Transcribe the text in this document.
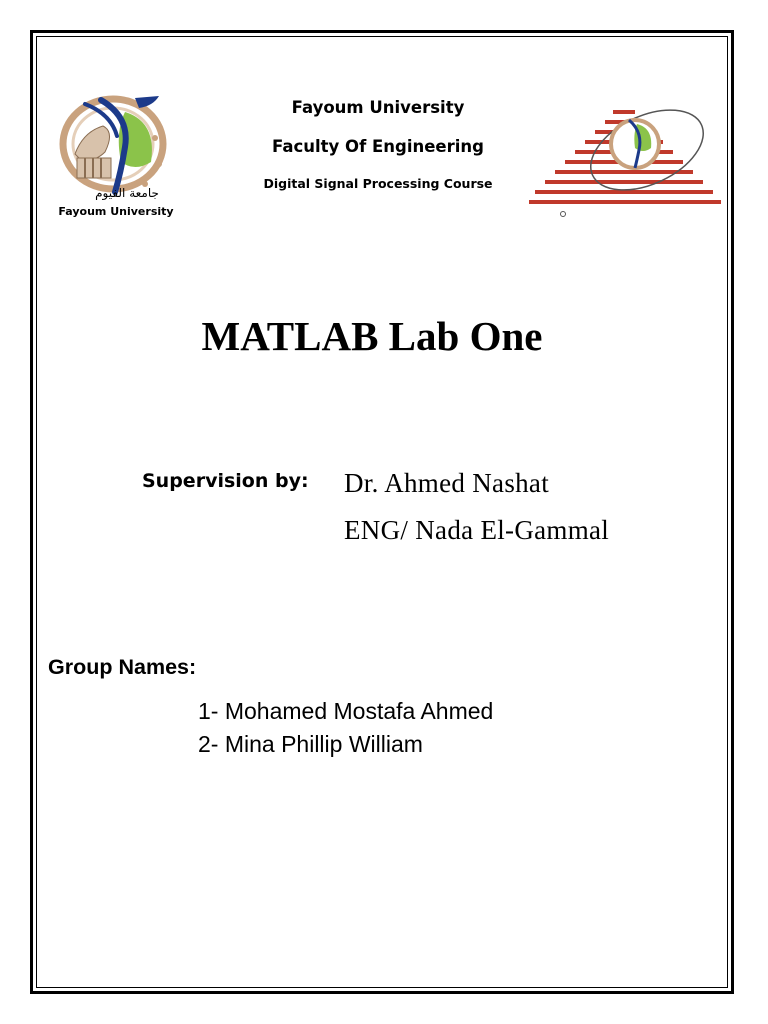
جامعة الفيوم
Fayoum University
Fayoum University
Faculty Of Engineering
Digital Signal Processing Course
MATLAB Lab One
Supervision by: Dr. Ahmed Nashat
ENG/ Nada El-Gammal
Group Names:
1- Mohamed Mostafa Ahmed
2- Mina Phillip William
